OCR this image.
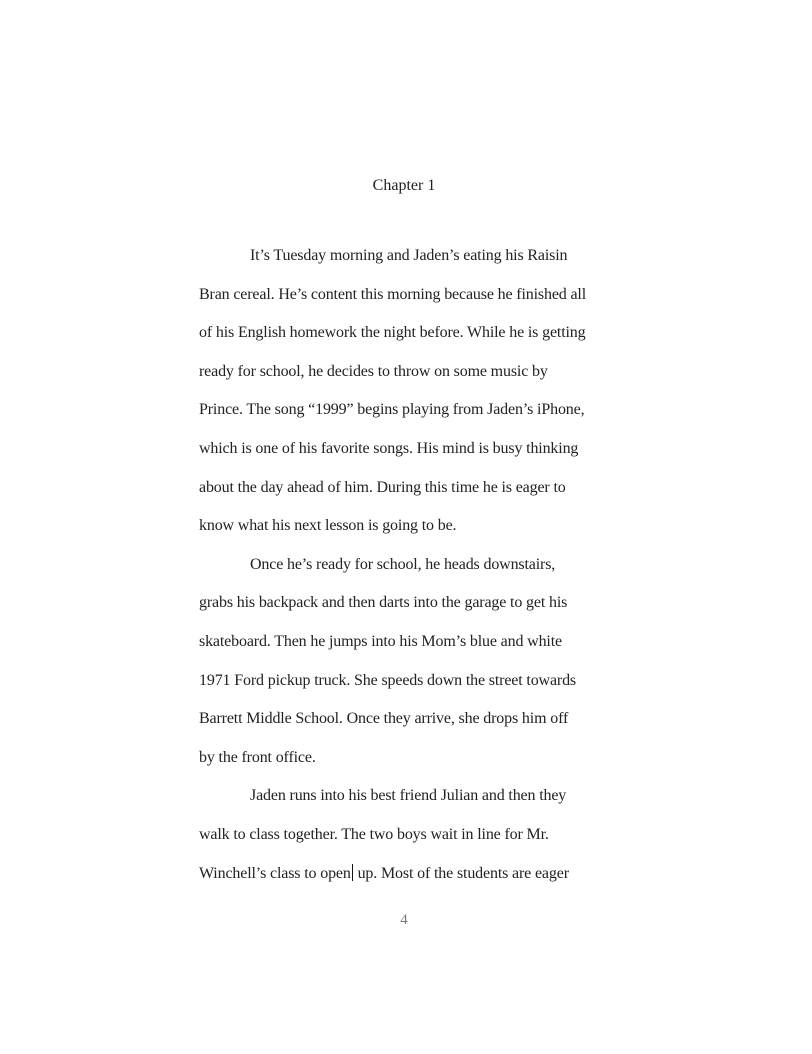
Chapter 1
It’s Tuesday morning and Jaden’s eating his Raisin
Bran cereal. He’s content this morning because he finished all
of his English homework the night before. While he is getting
ready for school, he decides to throw on some music by
Prince. The song “1999” begins playing from Jaden’s iPhone,
which is one of his favorite songs. His mind is busy thinking
about the day ahead of him. During this time he is eager to
know what his next lesson is going to be.
Once he’s ready for school, he heads downstairs,
grabs his backpack and then darts into the garage to get his
skateboard. Then he jumps into his Mom’s blue and white
1971 Ford pickup truck. She speeds down the street towards
Barrett Middle School. Once they arrive, she drops him off
by the front office.
Jaden runs into his best friend Julian and then they
walk to class together. The two boys wait in line for Mr.
Winchell’s class to open up. Most of the students are eager
4
